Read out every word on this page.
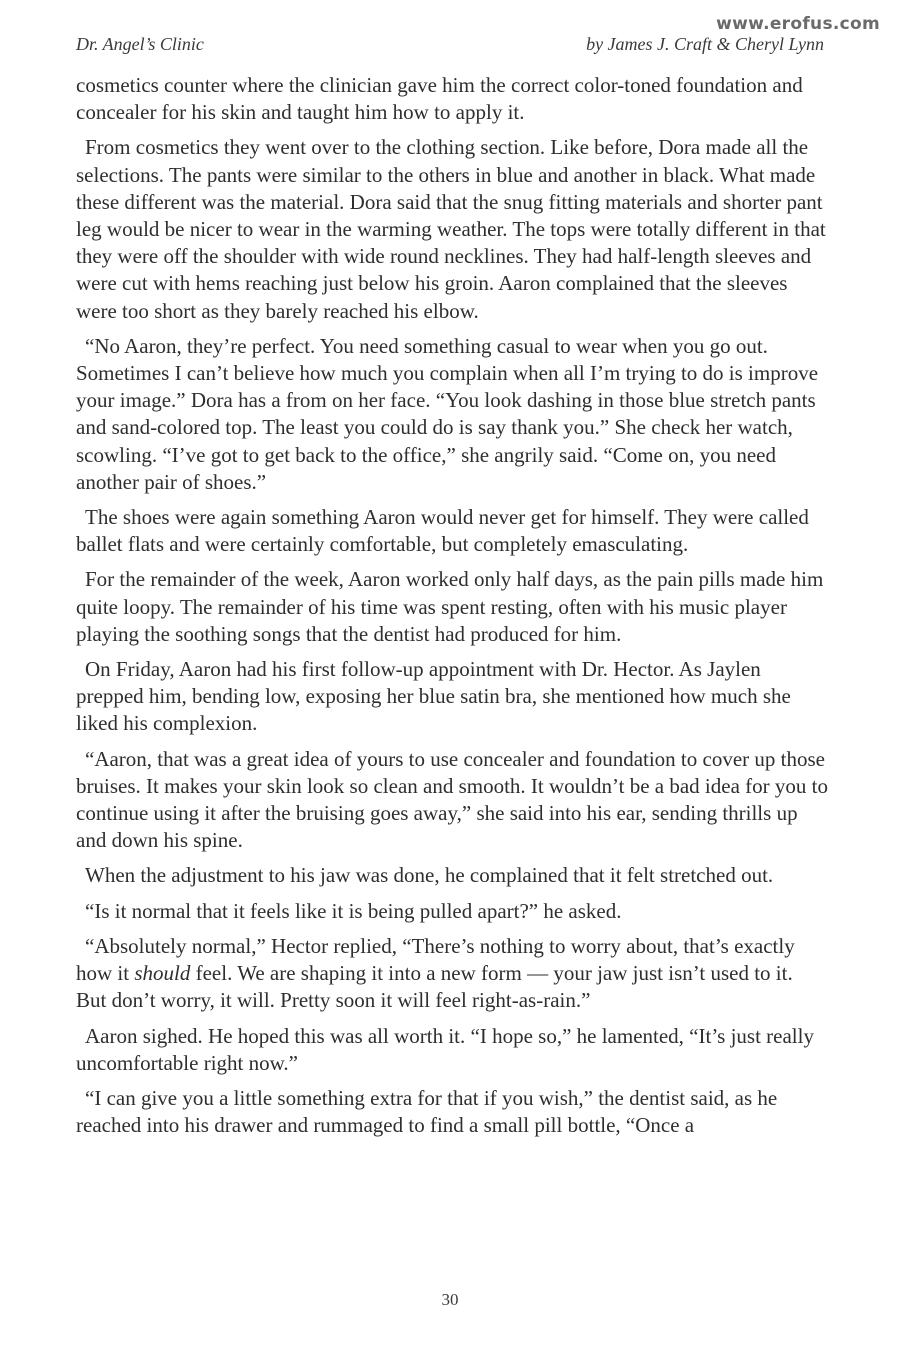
www.erofus.com
Dr. Angel’s Clinic	by James J. Craft & Cheryl Lynn

cosmetics counter where the clinician gave him the correct color-toned foundation and concealer for his skin and taught him how to apply it.

From cosmetics they went over to the clothing section. Like before, Dora made all the selections. The pants were similar to the others in blue and another in black. What made these different was the material. Dora said that the snug fitting materials and shorter pant leg would be nicer to wear in the warming weather. The tops were totally different in that they were off the shoulder with wide round necklines. They had half-length sleeves and were cut with hems reaching just below his groin. Aaron complained that the sleeves were too short as they barely reached his elbow.

“No Aaron, they’re perfect. You need something casual to wear when you go out. Sometimes I can’t believe how much you complain when all I’m trying to do is improve your image.” Dora has a from on her face. “You look dashing in those blue stretch pants and sand-colored top. The least you could do is say thank you.” She check her watch, scowling. “I’ve got to get back to the office,” she angrily said. “Come on, you need another pair of shoes.”

The shoes were again something Aaron would never get for himself. They were called ballet flats and were certainly comfortable, but completely emasculating.

For the remainder of the week, Aaron worked only half days, as the pain pills made him quite loopy. The remainder of his time was spent resting, often with his music player playing the soothing songs that the dentist had produced for him.

On Friday, Aaron had his first follow-up appointment with Dr. Hector. As Jaylen prepped him, bending low, exposing her blue satin bra, she mentioned how much she liked his complexion.

“Aaron, that was a great idea of yours to use concealer and foundation to cover up those bruises. It makes your skin look so clean and smooth. It wouldn’t be a bad idea for you to continue using it after the bruising goes away,” she said into his ear, sending thrills up and down his spine.

When the adjustment to his jaw was done, he complained that it felt stretched out.

“Is it normal that it feels like it is being pulled apart?” he asked.

“Absolutely normal,” Hector replied, “There’s nothing to worry about, that’s exactly how it should feel. We are shaping it into a new form — your jaw just isn’t used to it. But don’t worry, it will. Pretty soon it will feel right-as-rain.”

Aaron sighed. He hoped this was all worth it. “I hope so,” he lamented, “It’s just really uncomfortable right now.”

“I can give you a little something extra for that if you wish,” the dentist said, as he reached into his drawer and rummaged to find a small pill bottle, “Once a

30
